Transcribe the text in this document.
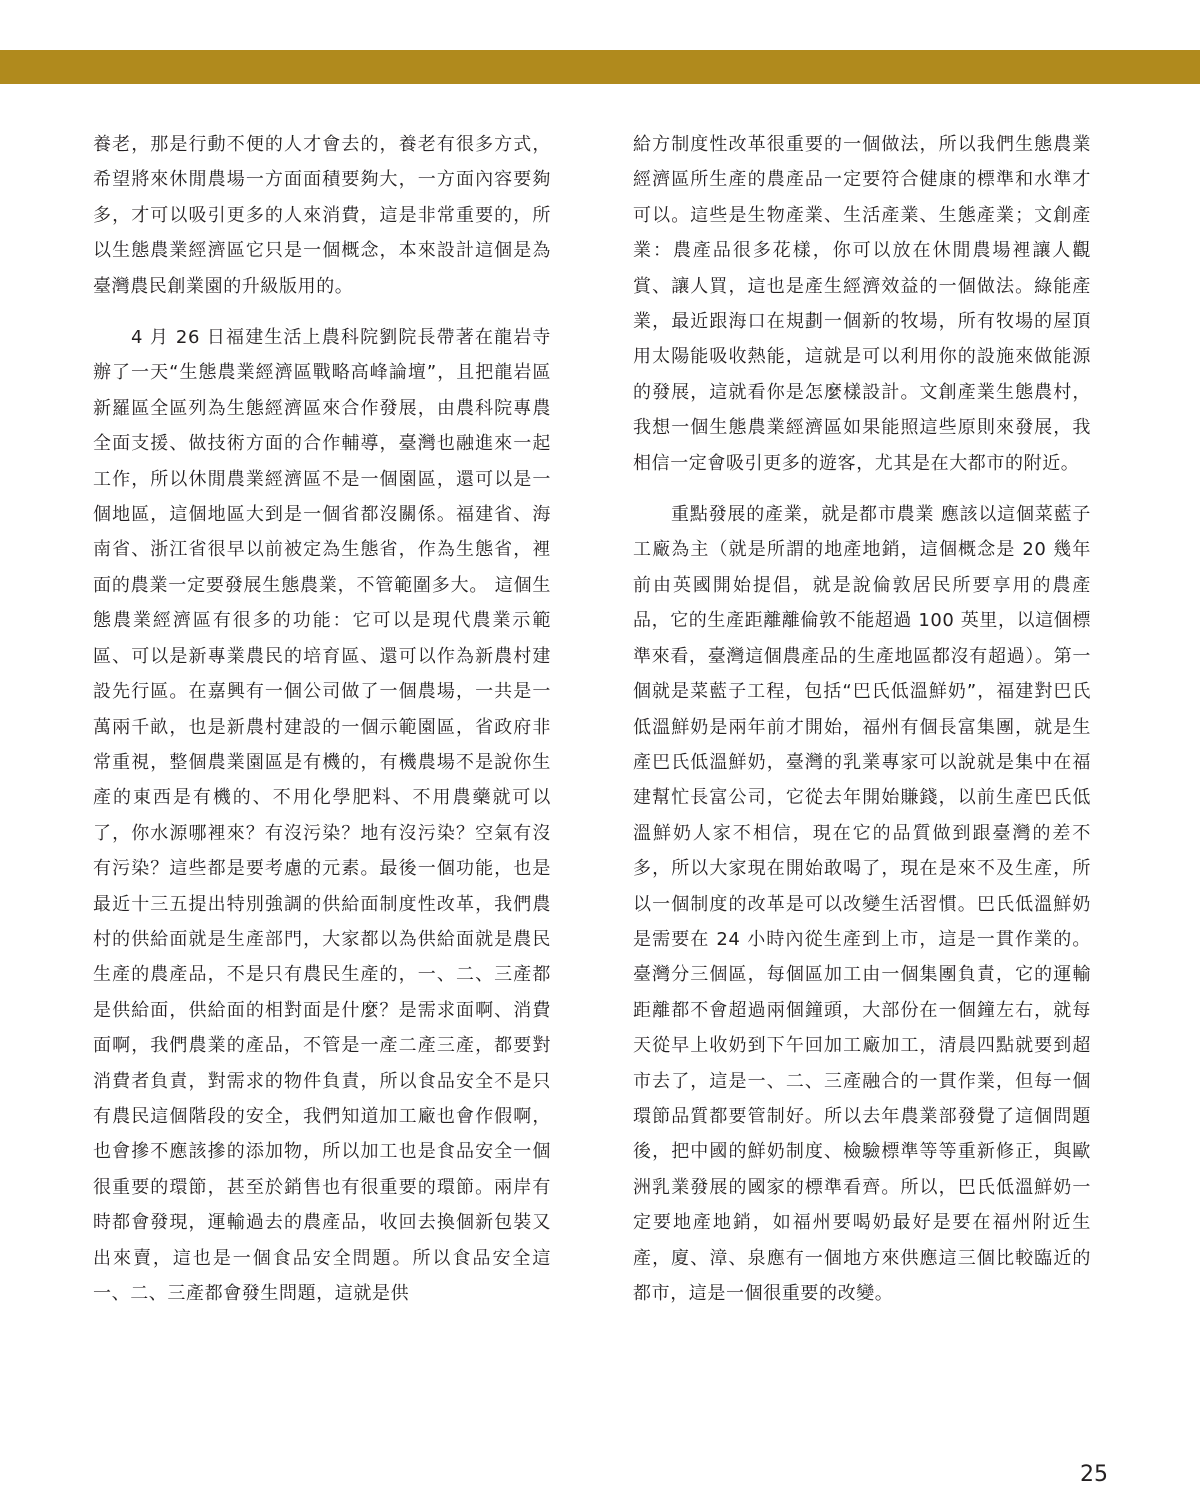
養老，那是行動不便的人才會去的，養老有很多方式，希望將來休閒農場一方面面積要夠大，一方面內容要夠多，才可以吸引更多的人來消費，這是非常重要的，所以生態農業經濟區它只是一個概念，本來設計這個是為臺灣農民創業園的升級版用的。

4 月 26 日福建生活上農科院劉院長帶著在龍岩寺辦了一天“生態農業經濟區戰略高峰論壇”，且把龍岩區新羅區全區列為生態經濟區來合作發展，由農科院專農全面支援、做技術方面的合作輔導，臺灣也融進來一起工作，所以休閒農業經濟區不是一個園區，還可以是一個地區，這個地區大到是一個省都沒關係。福建省、海南省、浙江省很早以前被定為生態省，作為生態省，裡面的農業一定要發展生態農業，不管範圍多大。 這個生態農業經濟區有很多的功能：它可以是現代農業示範區、可以是新專業農民的培育區、還可以作為新農村建設先行區。在嘉興有一個公司做了一個農場，一共是一萬兩千畝，也是新農村建設的一個示範園區，省政府非常重視，整個農業園區是有機的，有機農場不是說你生產的東西是有機的、不用化學肥料、不用農藥就可以了，你水源哪裡來？有沒污染？地有沒污染？空氣有沒有污染？這些都是要考慮的元素。最後一個功能，也是最近十三五提出特別強調的供給面制度性改革，我們農村的供給面就是生產部門，大家都以為供給面就是農民生產的農產品，不是只有農民生產的，一、二、三產都是供給面，供給面的相對面是什麼？是需求面啊、消費面啊，我們農業的產品，不管是一產二產三產，都要對消費者負責，對需求的物件負責，所以食品安全不是只有農民這個階段的安全，我們知道加工廠也會作假啊，也會摻不應該摻的添加物，所以加工也是食品安全一個很重要的環節，甚至於銷售也有很重要的環節。兩岸有時都會發現，運輸過去的農產品，收回去換個新包裝又出來賣，這也是一個食品安全問題。所以食品安全這一、二、三產都會發生問題，這就是供

給方制度性改革很重要的一個做法，所以我們生態農業經濟區所生產的農產品一定要符合健康的標準和水準才可以。這些是生物產業、生活產業、生態產業；文創產業：農產品很多花樣，你可以放在休閒農場裡讓人觀賞、讓人買，這也是產生經濟效益的一個做法。綠能產業，最近跟海口在規劃一個新的牧場，所有牧場的屋頂用太陽能吸收熱能，這就是可以利用你的設施來做能源的發展，這就看你是怎麼樣設計。文創產業生態農村，我想一個生態農業經濟區如果能照這些原則來發展，我相信一定會吸引更多的遊客，尤其是在大都市的附近。

重點發展的產業，就是都市農業 應該以這個菜藍子工廠為主（就是所謂的地產地銷，這個概念是 20 幾年前由英國開始提倡，就是說倫敦居民所要享用的農產品，它的生產距離離倫敦不能超過 100 英里，以這個標準來看，臺灣這個農產品的生產地區都沒有超過）。第一個就是菜藍子工程，包括“巴氏低溫鮮奶”，福建對巴氏低溫鮮奶是兩年前才開始，福州有個長富集團，就是生產巴氏低溫鮮奶，臺灣的乳業專家可以說就是集中在福建幫忙長富公司，它從去年開始賺錢，以前生產巴氏低溫鮮奶人家不相信，現在它的品質做到跟臺灣的差不多，所以大家現在開始敢喝了，現在是來不及生產，所以一個制度的改革是可以改變生活習慣。巴氏低溫鮮奶是需要在 24 小時內從生產到上市，這是一貫作業的。臺灣分三個區，每個區加工由一個集團負責，它的運輸距離都不會超過兩個鐘頭，大部份在一個鐘左右，就每天從早上收奶到下午回加工廠加工，清晨四點就要到超市去了，這是一、二、三產融合的一貫作業，但每一個環節品質都要管制好。所以去年農業部發覺了這個問題後，把中國的鮮奶制度、檢驗標準等等重新修正，與歐洲乳業發展的國家的標準看齊。所以，巴氏低溫鮮奶一定要地產地銷，如福州要喝奶最好是要在福州附近生產，廈、漳、泉應有一個地方來供應這三個比較臨近的都市，這是一個很重要的改變。

25
